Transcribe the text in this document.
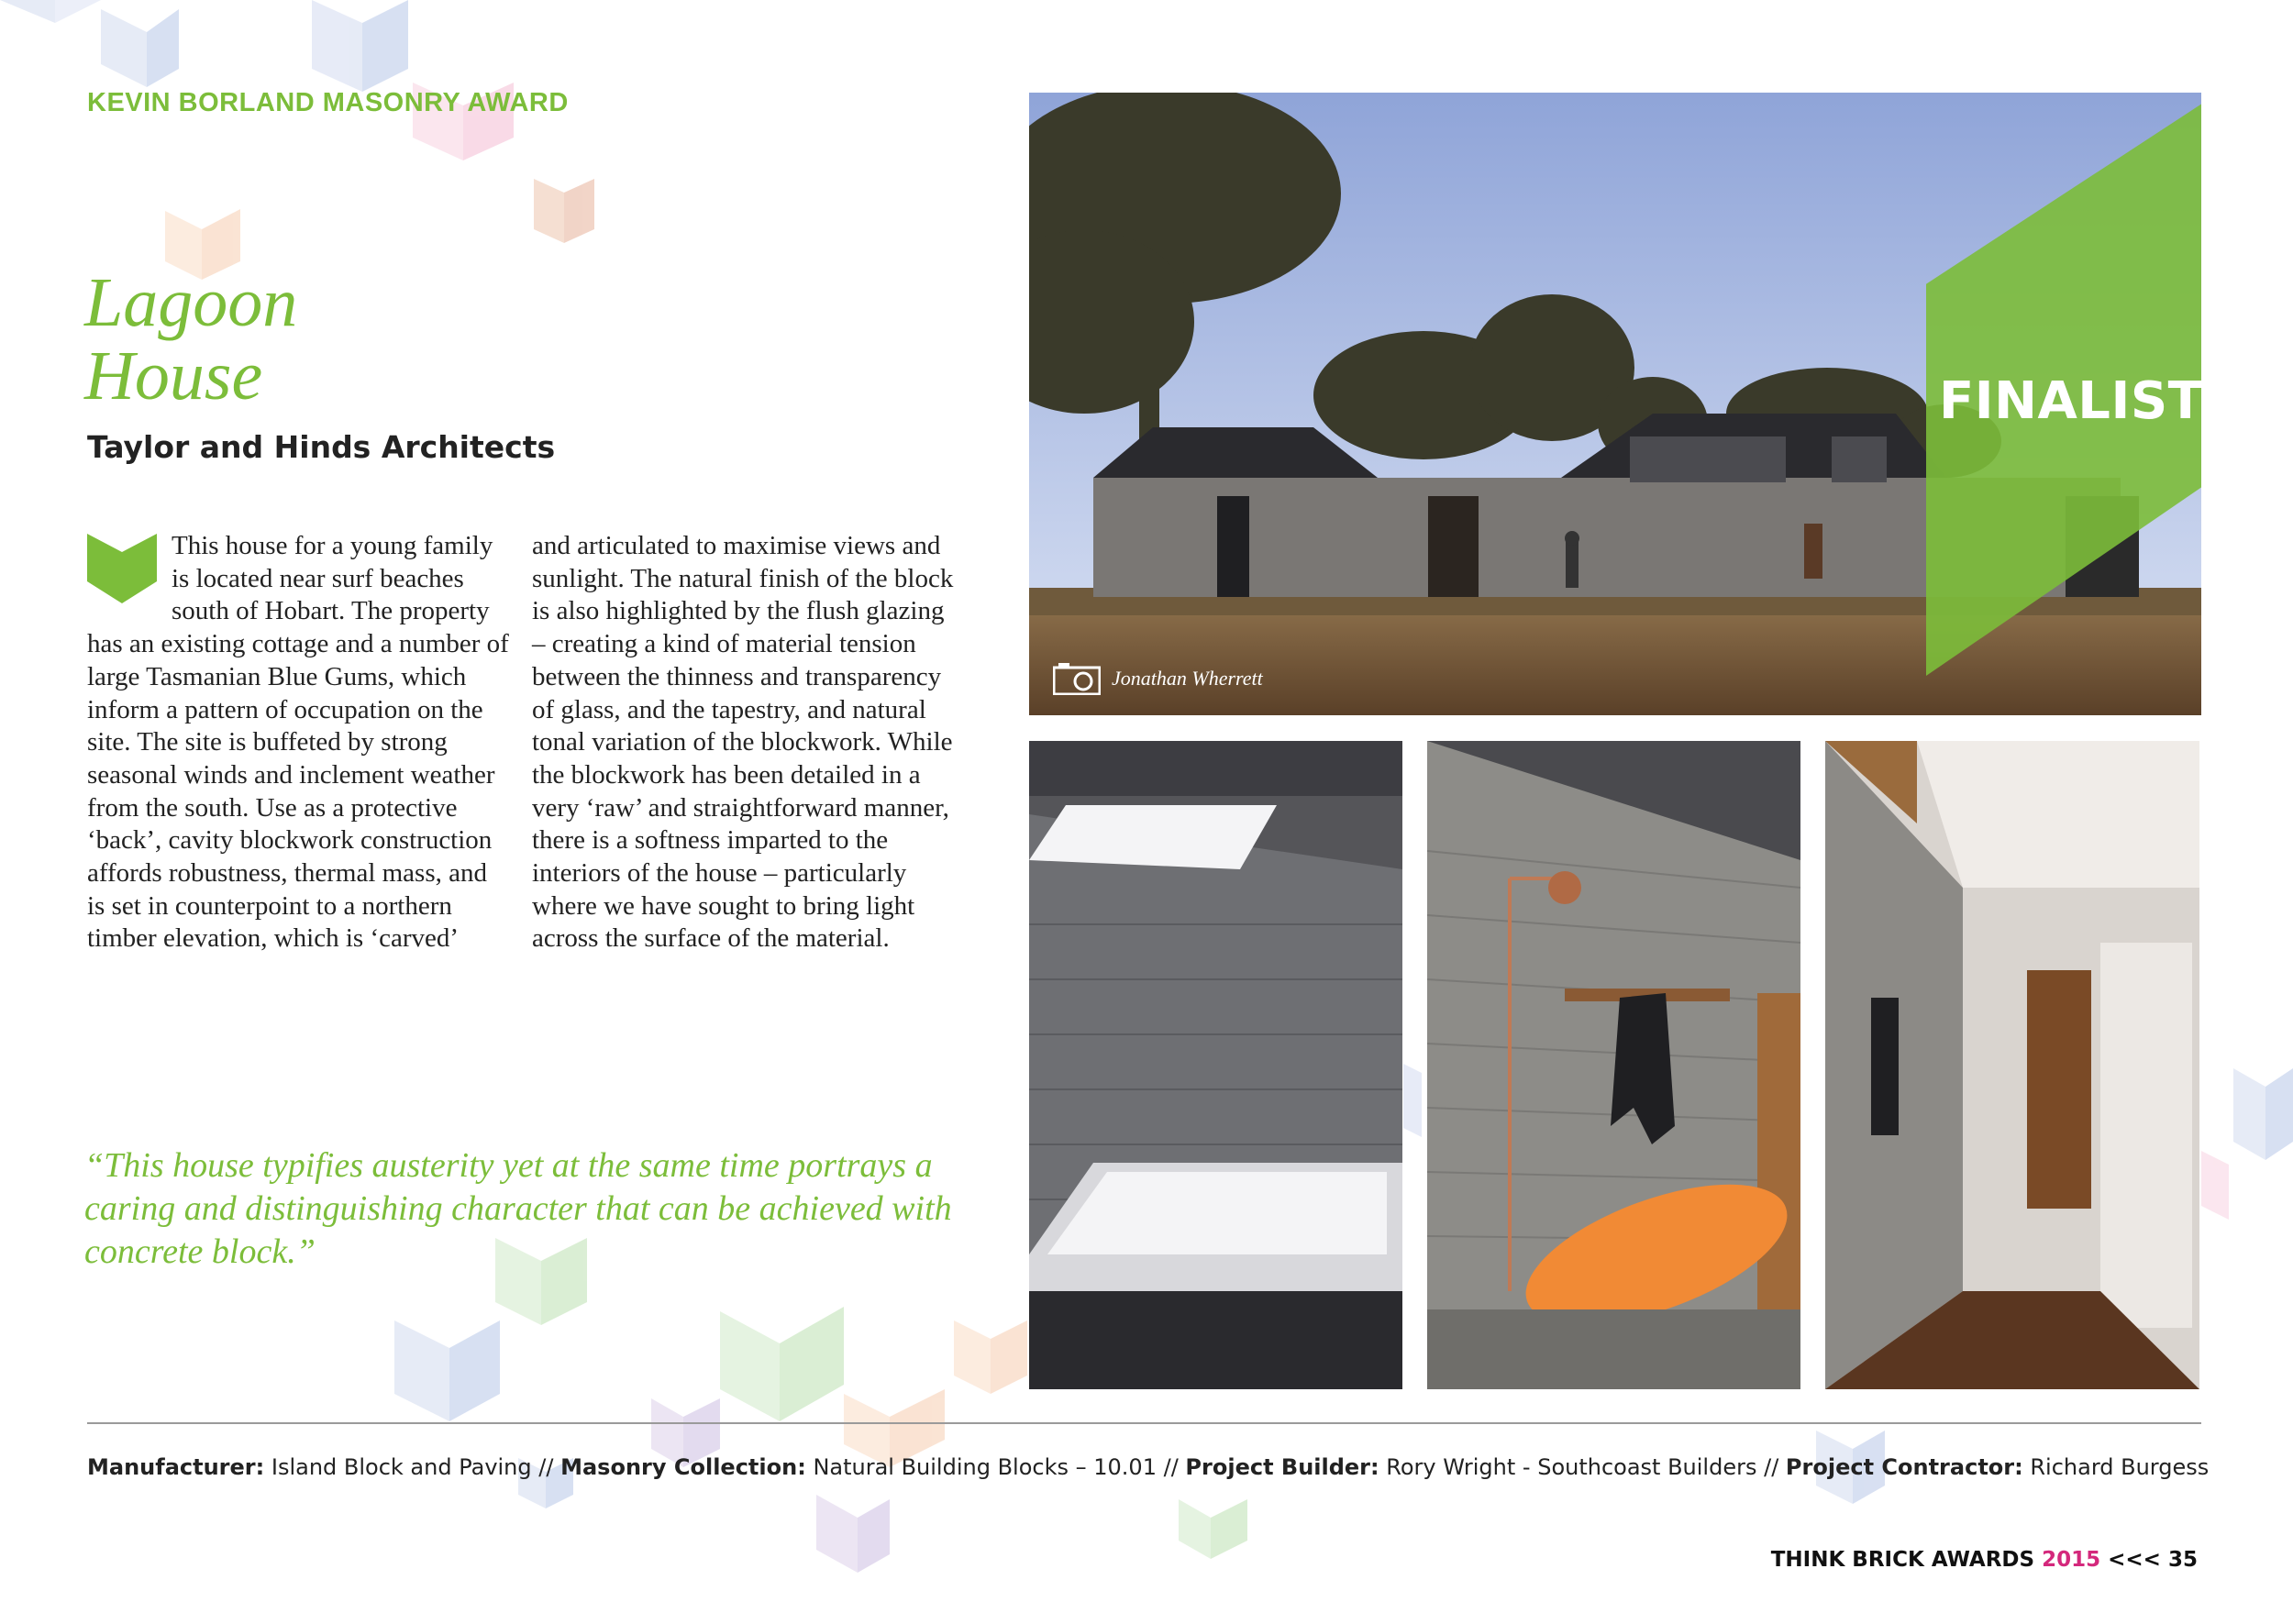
KEVIN BORLAND MASONRY AWARD
Lagoon
House
Taylor and Hinds Architects
This house for a young family is located near surf beaches south of Hobart. The property has an existing cottage and a number of large Tasmanian Blue Gums, which inform a pattern of occupation on the site. The site is buffeted by strong seasonal winds and inclement weather from the south. Use as a protective ‘back’, cavity blockwork construction affords robustness, thermal mass, and is set in counterpoint to a northern timber elevation, which is ‘carved’
and articulated to maximise views and sunlight. The natural finish of the block is also highlighted by the flush glazing – creating a kind of material tension between the thinness and transparency of glass, and the tapestry, and natural tonal variation of the blockwork. While the blockwork has been detailed in a very ‘raw’ and straightforward manner, there is a softness imparted to the interiors of the house – particularly where we have sought to bring light across the surface of the material.
“This house typifies austerity yet at the same time portrays a caring and distinguishing character that can be achieved with concrete block.”
FINALIST
Jonathan Wherrett
Manufacturer: Island Block and Paving // Masonry Collection: Natural Building Blocks – 10.01 // Project Builder: Rory Wright - Southcoast Builders // Project Contractor: Richard Burgess
THINK BRICK AWARDS 2015 <<< 35
